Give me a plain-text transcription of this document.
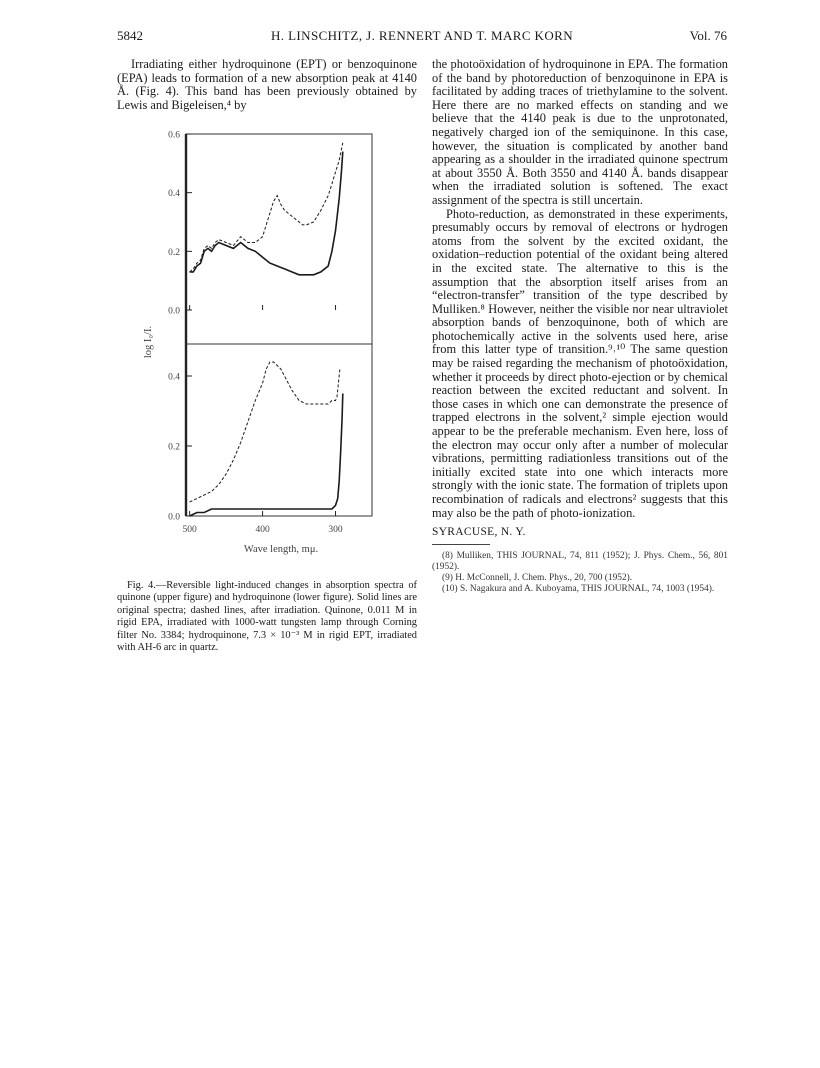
5842	H. LINSCHITZ, J. RENNERT AND T. MARC KORN	Vol. 76

Irradiating either hydroquinone (EPT) or benzoquinone (EPA) leads to formation of a new absorption peak at 4140 Å. (Fig. 4). This band has been previously obtained by Lewis and Bigeleisen,⁴ by

0.0
0.2
0.4
0.6
0.0
0.2
0.4
500	400	300
log I₀/I.
Wave length, mμ.

Fig. 4.—Reversible light-induced changes in absorption spectra of quinone (upper figure) and hydroquinone (lower figure). Solid lines are original spectra; dashed lines, after irradiation. Quinone, 0.011 M in rigid EPA, irradiated with 1000-watt tungsten lamp through Corning filter No. 3384; hydroquinone, 7.3 × 10⁻³ M in rigid EPT, irradiated with AH-6 arc in quartz.

the photoöxidation of hydroquinone in EPA. The formation of the band by photoreduction of benzoquinone in EPA is facilitated by adding traces of triethylamine to the solvent. Here there are no marked effects on standing and we believe that the 4140 peak is due to the unprotonated, negatively charged ion of the semiquinone. In this case, however, the situation is complicated by another band appearing as a shoulder in the irradiated quinone spectrum at about 3550 Å. Both 3550 and 4140 Å. bands disappear when the irradiated solution is softened. The exact assignment of the spectra is still uncertain.

Photo-reduction, as demonstrated in these experiments, presumably occurs by removal of electrons or hydrogen atoms from the solvent by the excited oxidant, the oxidation–reduction potential of the oxidant being altered in the excited state. The alternative to this is the assumption that the absorption itself arises from an “electron-transfer” transition of the type described by Mulliken.⁸ However, neither the visible nor near ultraviolet absorption bands of benzoquinone, both of which are photochemically active in the solvents used here, arise from this latter type of transition.⁹˒¹⁰ The same question may be raised regarding the mechanism of photoöxidation, whether it proceeds by direct photo-ejection or by chemical reaction between the excited reductant and solvent. In those cases in which one can demonstrate the presence of trapped electrons in the solvent,² simple ejection would appear to be the preferable mechanism. Even here, loss of the electron may occur only after a number of molecular vibrations, permitting radiationless transitions out of the initially excited state into one which interacts more strongly with the ionic state. The formation of triplets upon recombination of radicals and electrons² suggests that this may also be the path of photo-ionization.

SYRACUSE, N. Y.

(8) Mulliken, THIS JOURNAL, 74, 811 (1952); J. Phys. Chem., 56, 801 (1952).

(9) H. McConnell, J. Chem. Phys., 20, 700 (1952).

(10) S. Nagakura and A. Kuboyama, THIS JOURNAL, 74, 1003 (1954).
